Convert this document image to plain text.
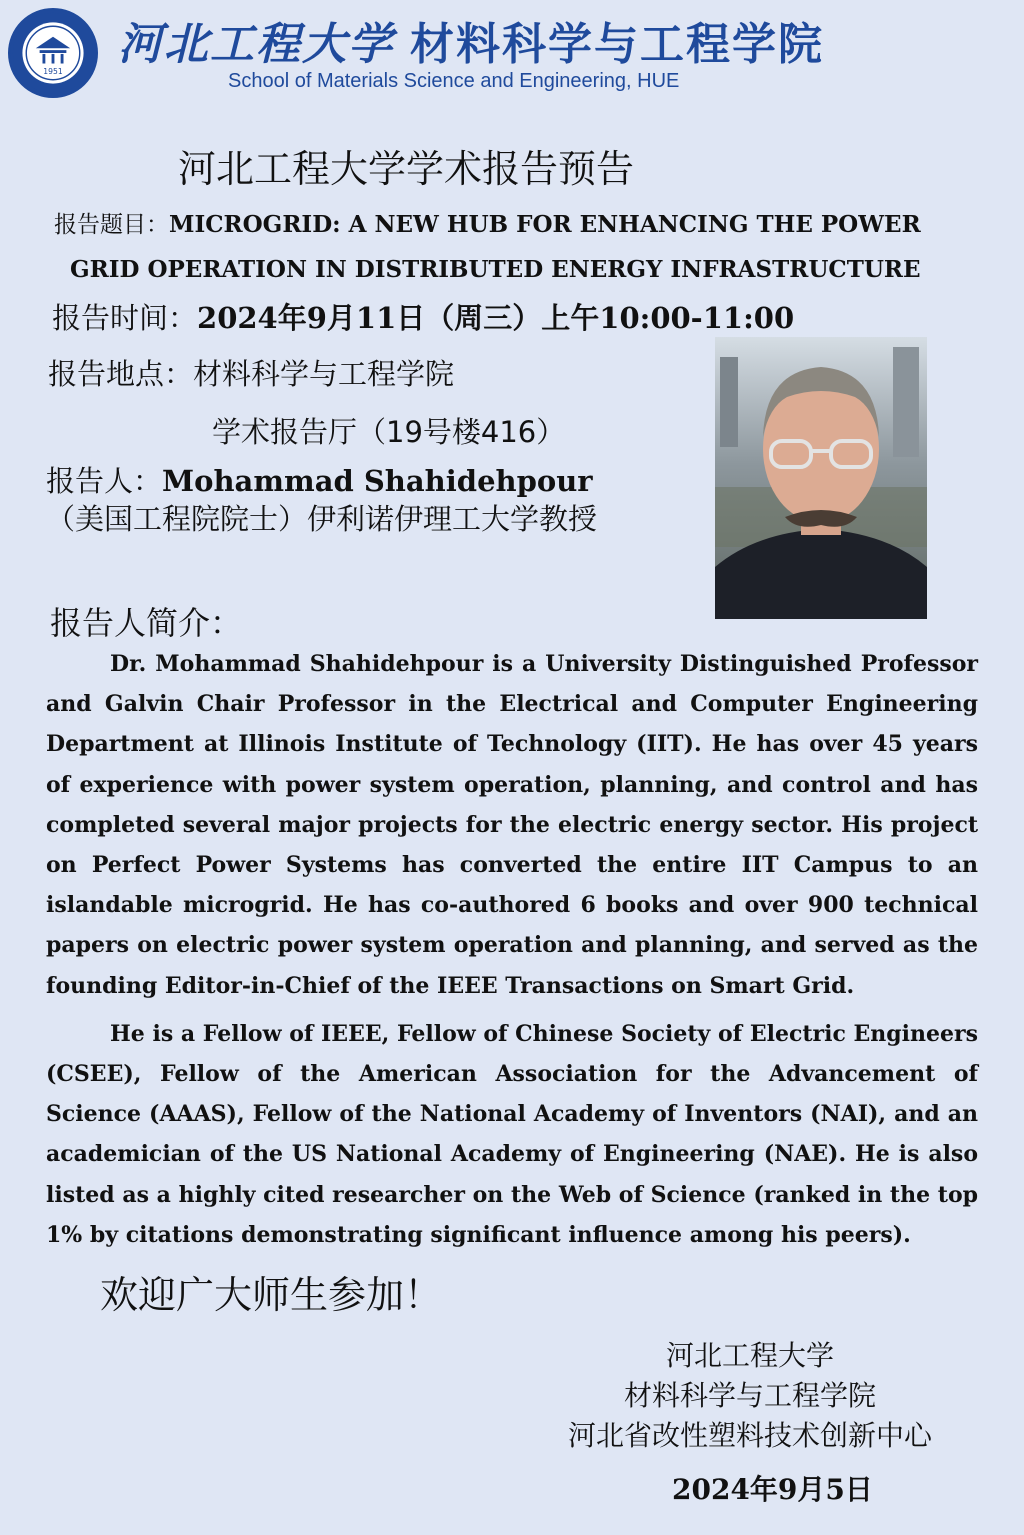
1951
河北工程大学 材料科学与工程学院
School of Materials Science and Engineering, HUE
河北工程大学学术报告预告
报告题目：MICROGRID: A NEW HUB FOR ENHANCING THE POWER
GRID OPERATION IN DISTRIBUTED ENERGY INFRASTRUCTURE
报告时间：2024年9月11日（周三）上午10:00-11:00
报告地点：材料科学与工程学院
学术报告厅（19号楼416）
报告人：Mohammad Shahidehpour（美国工程院院士）伊利诺伊理工大学教授
报告人简介：

Dr. Mohammad Shahidehpour is a University Distinguished Professor and Galvin Chair Professor in the Electrical and Computer Engineering Department at Illinois Institute of Technology (IIT). He has over 45 years of experience with power system operation, planning, and control and has completed several major projects for the electric energy sector. His project on Perfect Power Systems has converted the entire IIT Campus to an islandable microgrid. He has co-authored 6 books and over 900 technical papers on electric power system operation and planning, and served as the founding Editor-in-Chief of the IEEE Transactions on Smart Grid.

He is a Fellow of IEEE, Fellow of Chinese Society of Electric Engineers (CSEE), Fellow of the American Association for the Advancement of Science (AAAS), Fellow of the National Academy of Inventors (NAI), and an academician of the US National Academy of Engineering (NAE). He is also listed as a highly cited researcher on the Web of Science (ranked in the top 1% by citations demonstrating significant influence among his peers).

欢迎广大师生参加！
河北工程大学
材料科学与工程学院
河北省改性塑料技术创新中心
2024年9月5日
